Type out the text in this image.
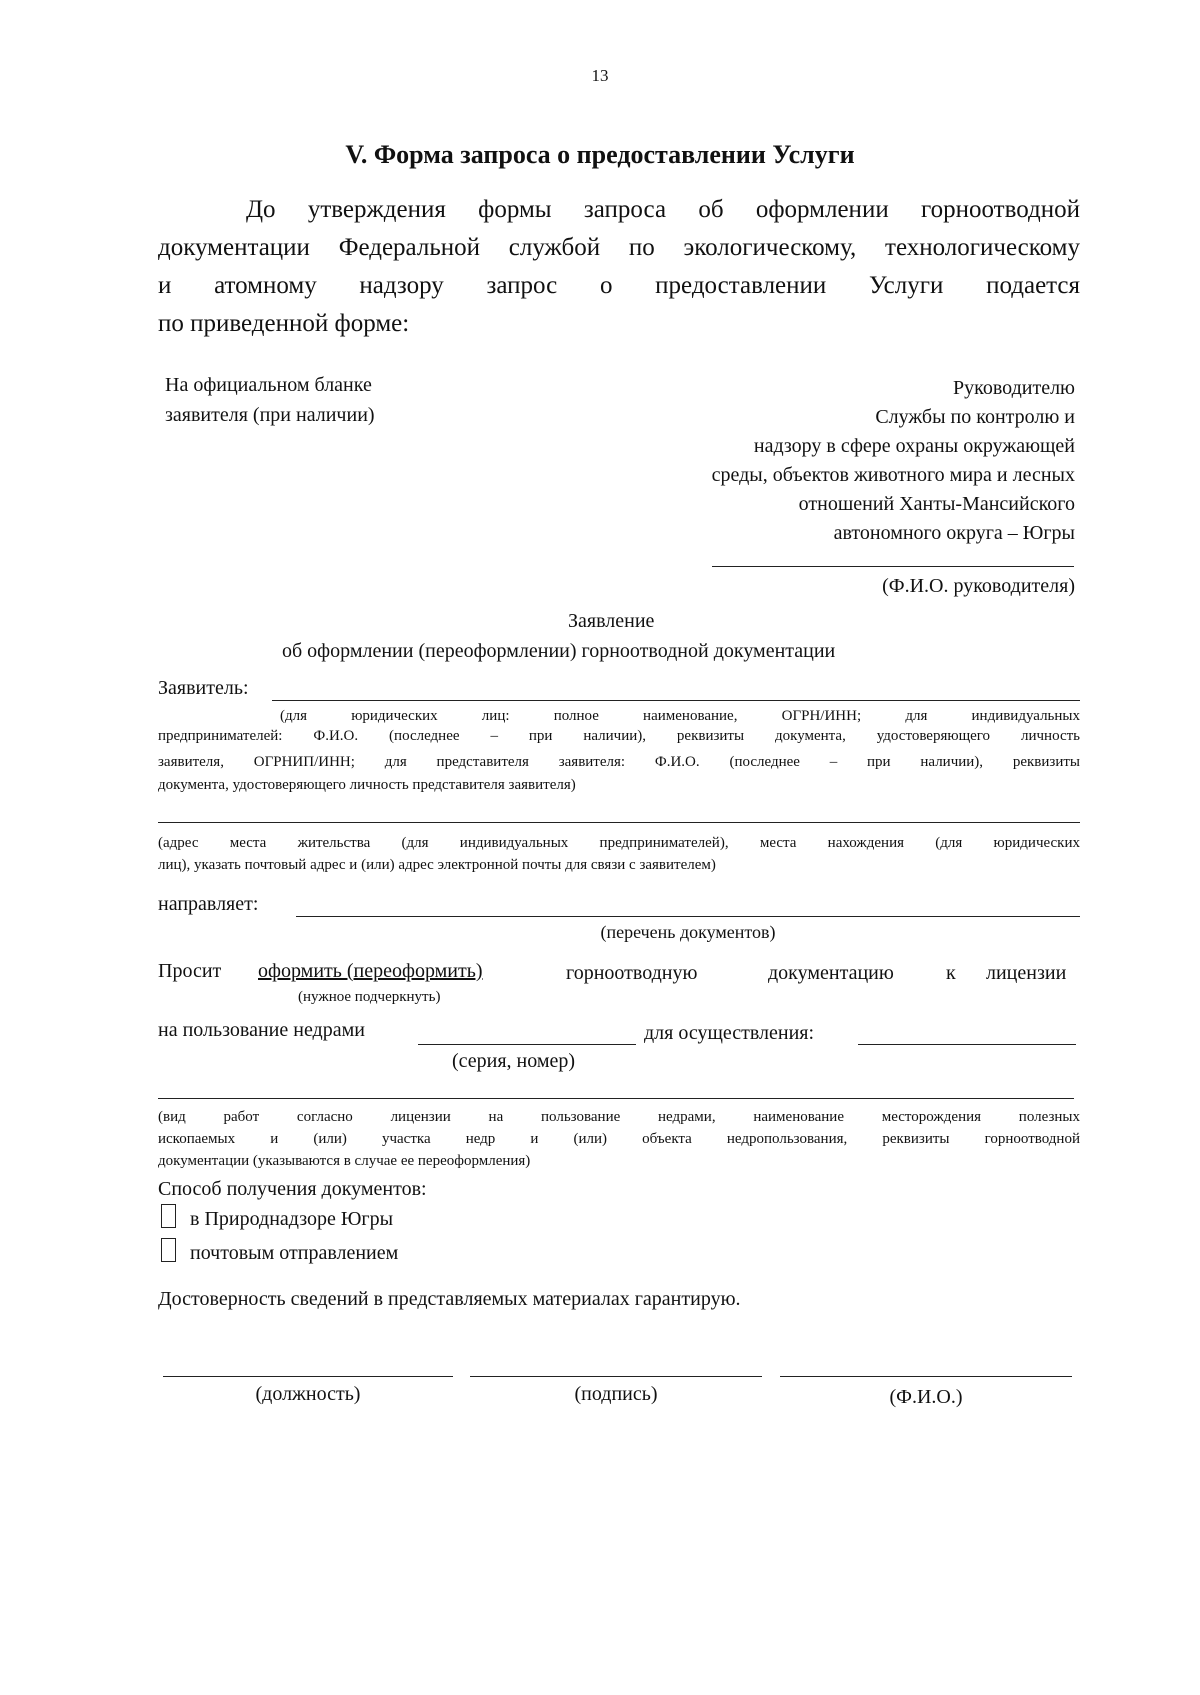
13
V. Форма запроса о предоставлении Услуги
До утверждения формы запроса об оформлении горноотводной
документации Федеральной службой по экологическому, технологическому
и атомному надзору запрос о предоставлении Услуги подается
по приведенной форме:
На официальном бланке
заявителя (при наличии)
Руководителю
Службы по контролю и
надзору в сфере охраны окружающей
среды, объектов животного мира и лесных
отношений Ханты-Мансийского
автономного округа – Югры
(Ф.И.О. руководителя)
Заявление
об оформлении (переоформлении) горноотводной документации
Заявитель:
(для юридических лиц: полное наименование, ОГРН/ИНН; для индивидуальных
предпринимателей: Ф.И.О. (последнее – при наличии), реквизиты документа, удостоверяющего личность
заявителя, ОГРНИП/ИНН; для представителя заявителя: Ф.И.О. (последнее – при наличии), реквизиты
документа, удостоверяющего личность представителя заявителя)
(адрес места жительства (для индивидуальных предпринимателей), места нахождения (для юридических
лиц), указать почтовый адрес и (или) адрес электронной почты для связи с заявителем)
направляет:
(перечень документов)
Просит оформить (переоформить)	горноотводную	документацию	к лицензии
(нужное подчеркнуть)
на пользование недрами	для осуществления:
(серия, номер)
(вид работ согласно лицензии на пользование недрами, наименование месторождения полезных
ископаемых и (или) участка недр и (или) объекта недропользования, реквизиты горноотводной
документации (указываются в случае ее переоформления)
Способ получения документов:
в Природнадзоре Югры
почтовым отправлением
Достоверность сведений в представляемых материалах гарантирую.
(должность)	(подпись)	(Ф.И.О.)
